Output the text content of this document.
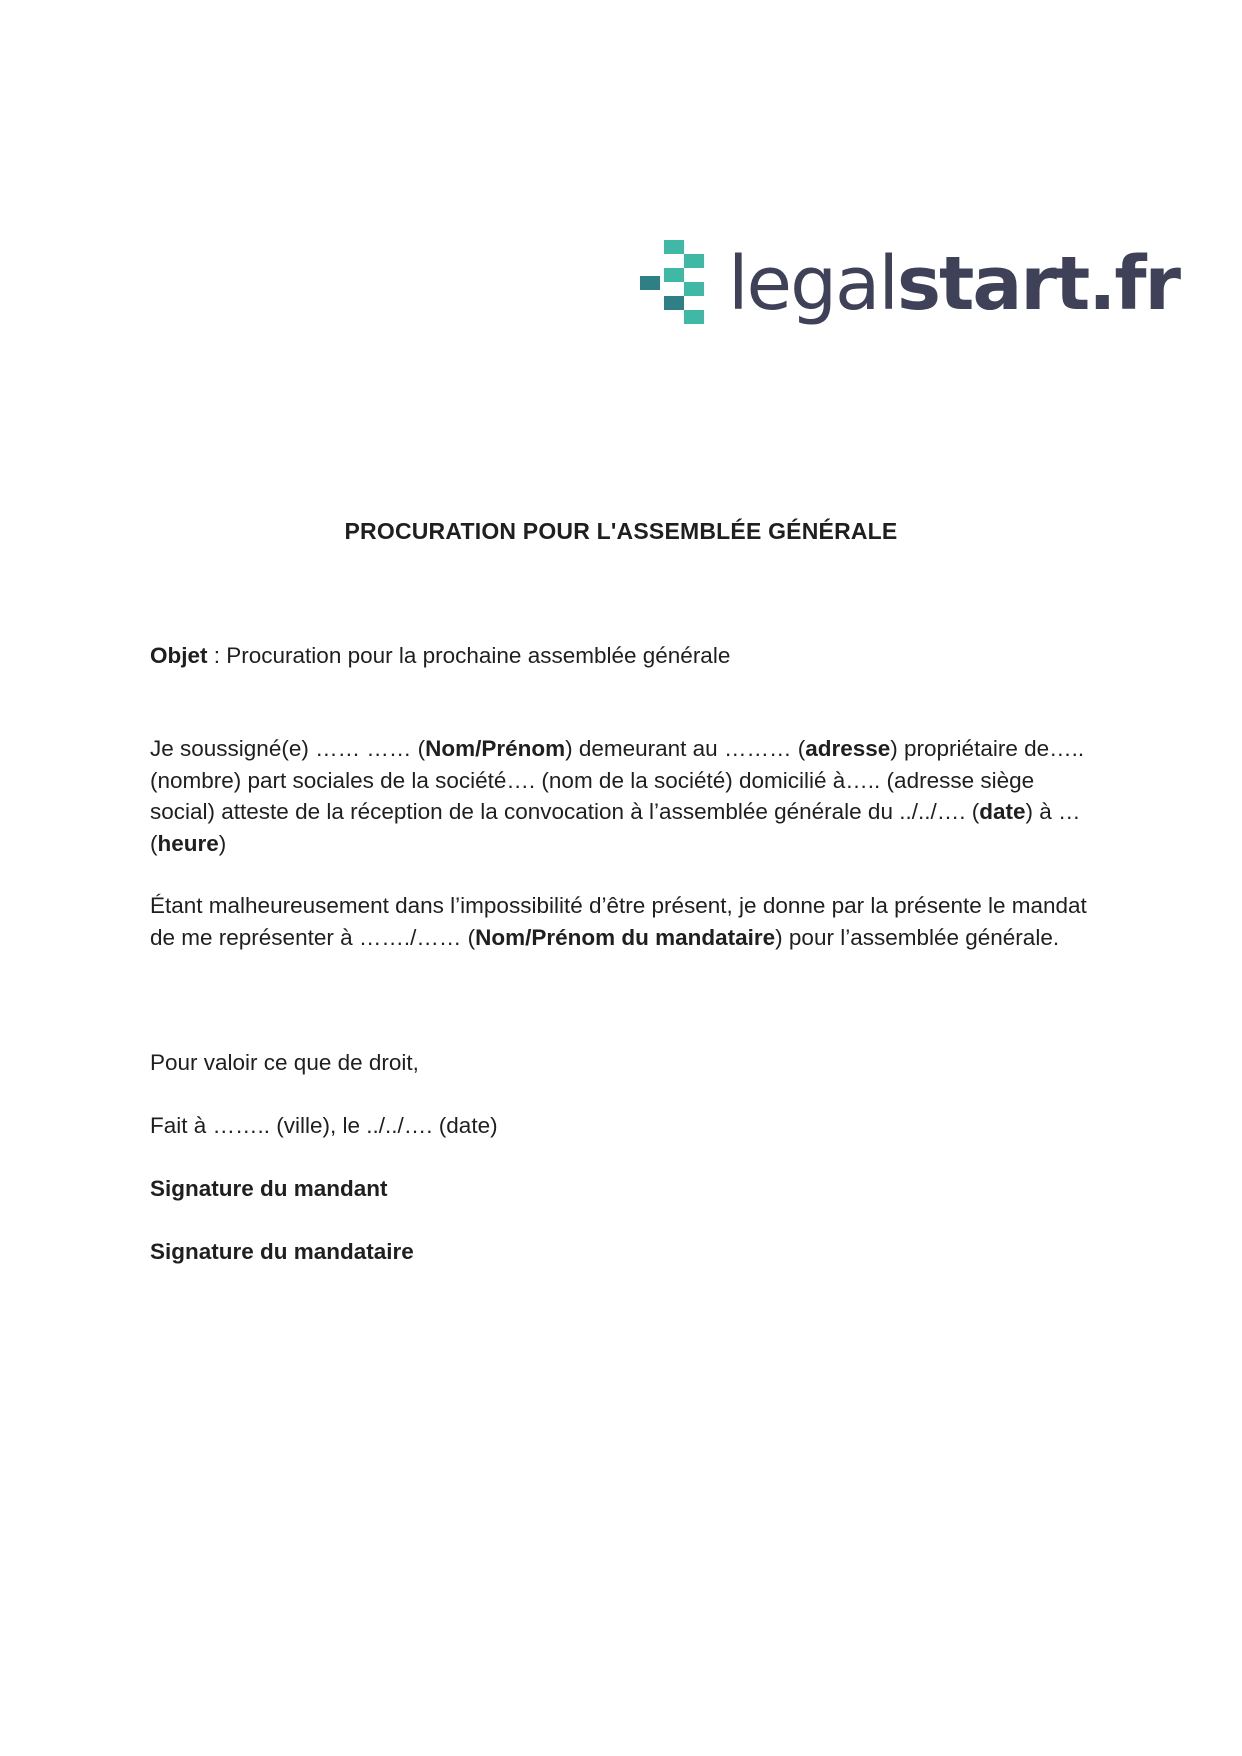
legalstart.fr
PROCURATION POUR L'ASSEMBLÉE GÉNÉRALE
Objet : Procuration pour la prochaine assemblée générale
Je soussigné(e) …… …… (Nom/Prénom) demeurant au ……… (adresse) propriétaire de….. (nombre) part sociales de la société…. (nom de la société) domicilié à….. (adresse siège social) atteste de la réception de la convocation à l’assemblée générale du ../../…. (date) à … (heure)
Étant malheureusement dans l’impossibilité d’être présent, je donne par la présente le mandat de me représenter à ……./…… (Nom/Prénom du mandataire) pour l’assemblée générale.
Pour valoir ce que de droit,
Fait à …….. (ville), le ../../…. (date)
Signature du mandant
Signature du mandataire
